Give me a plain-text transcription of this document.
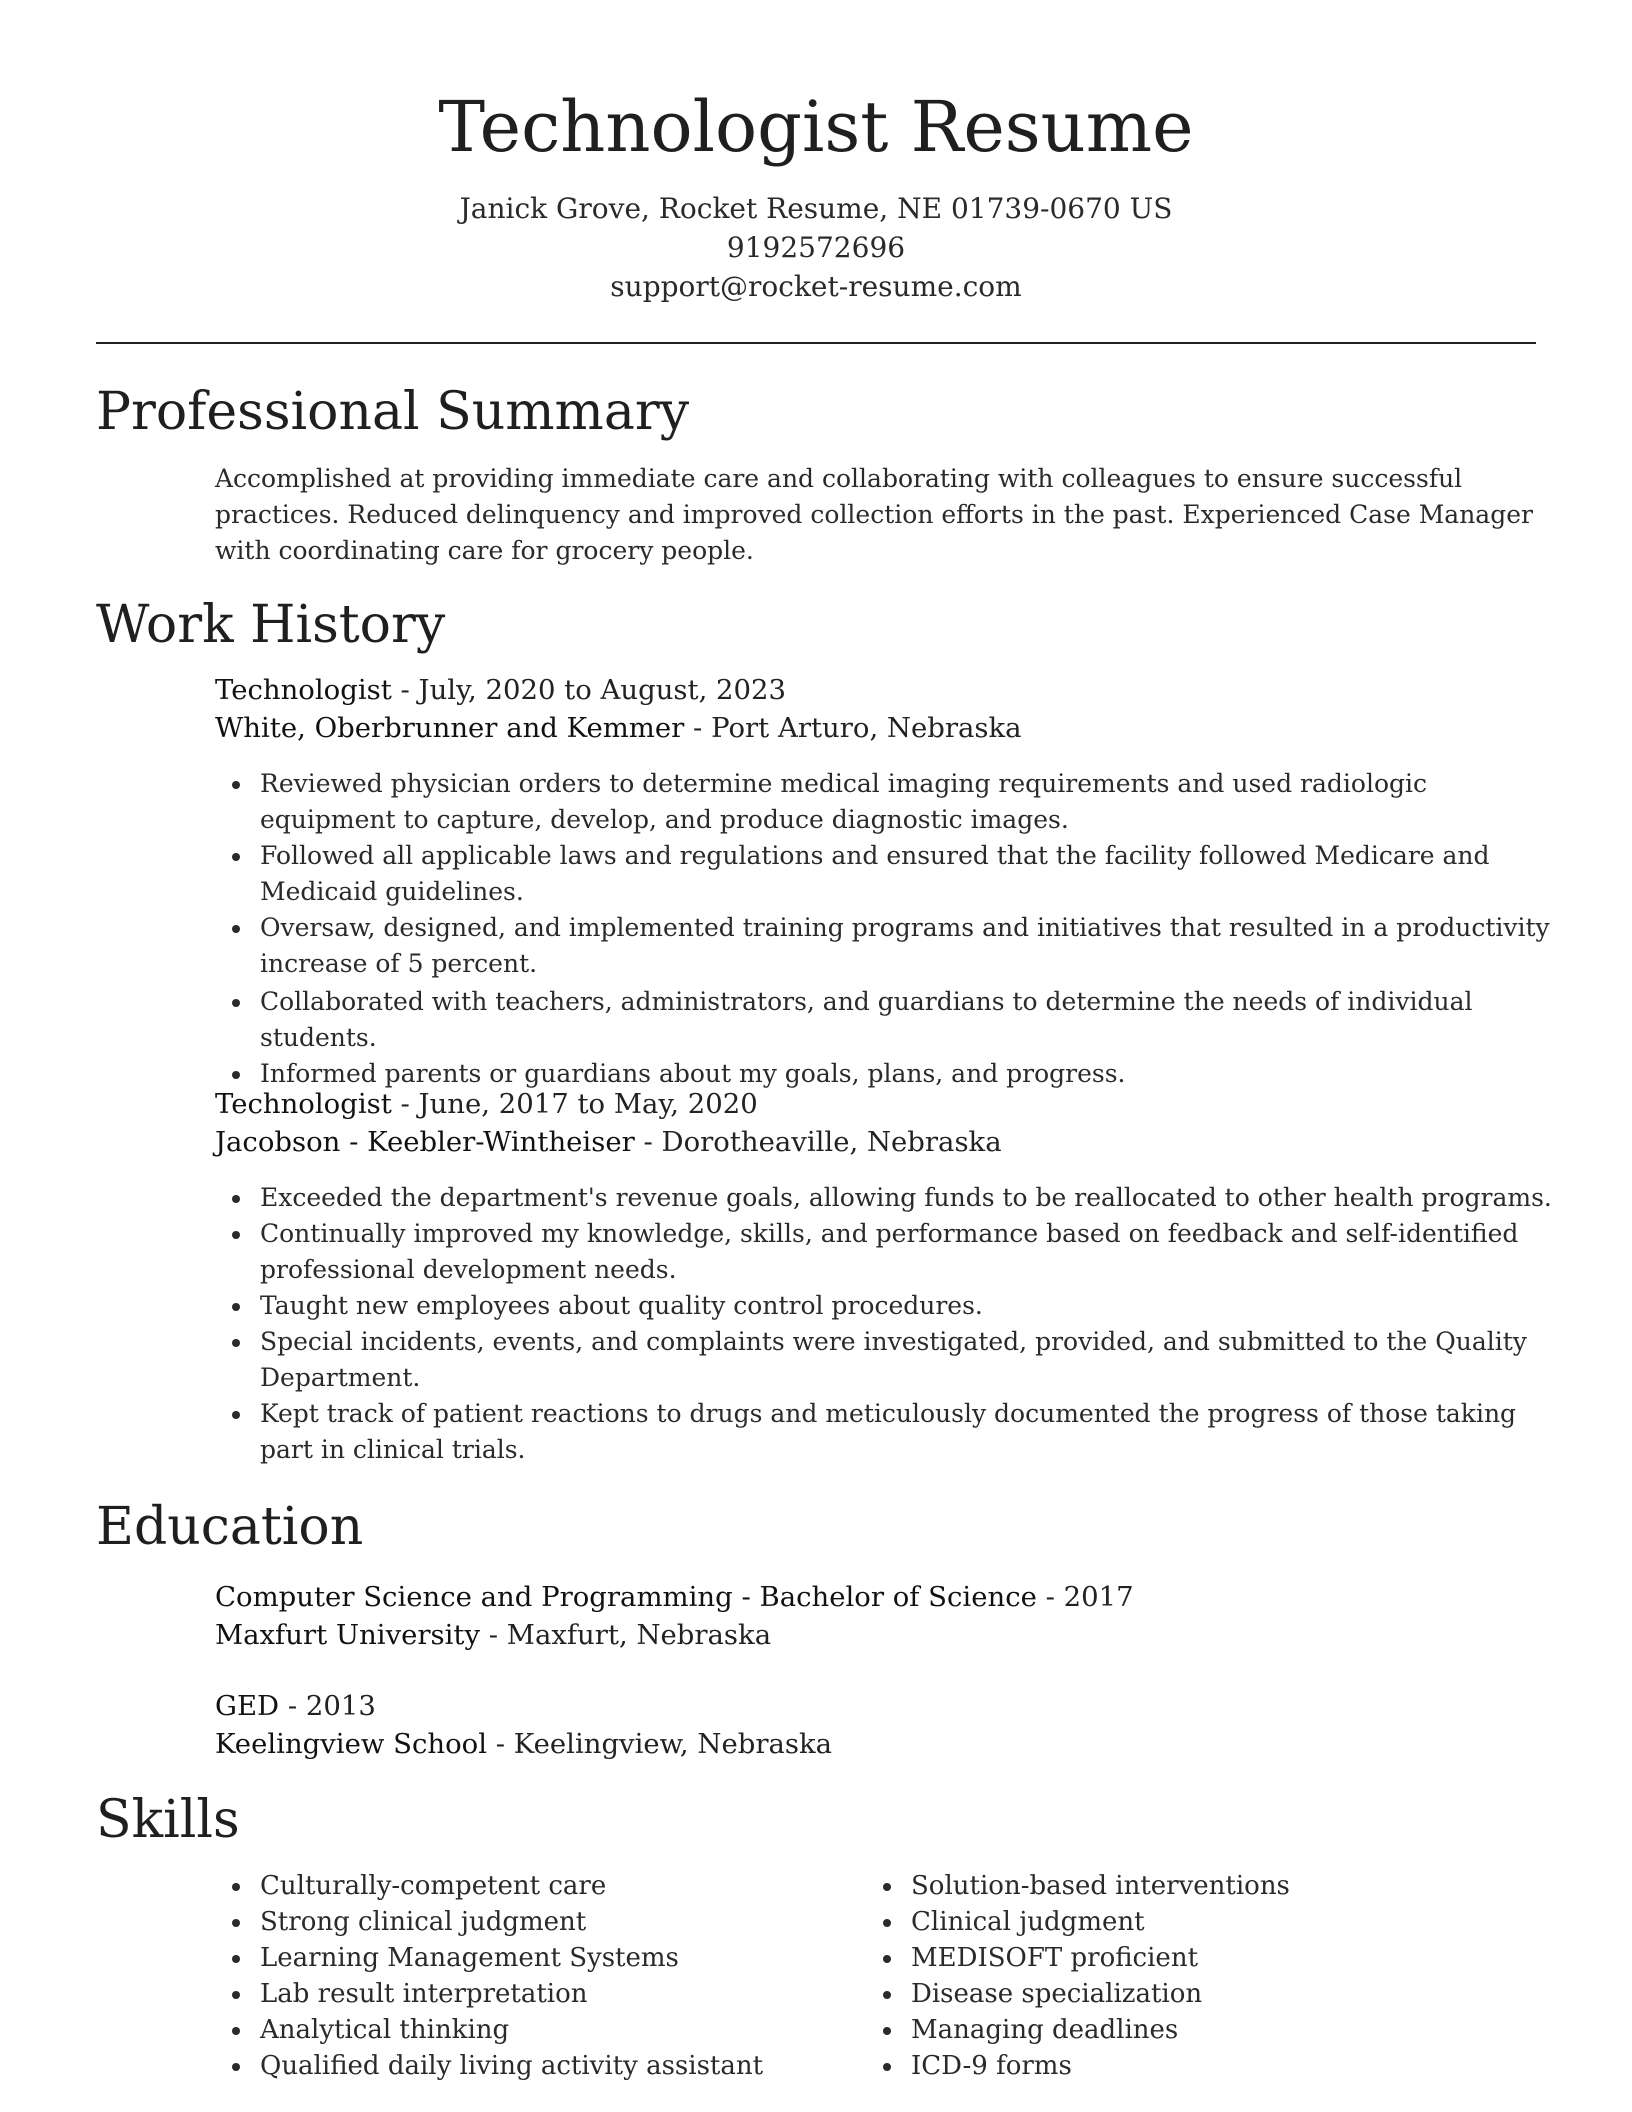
Technologist Resume
Janick Grove, Rocket Resume, NE 01739-0670 US
9192572696
support@rocket-resume.com
Professional Summary

Accomplished at providing immediate care and collaborating with colleagues to ensure successful practices. Reduced delinquency and improved collection efforts in the past. Experienced Case Manager with coordinating care for grocery people.

Work History
Technologist - July, 2020 to August, 2023
White, Oberbrunner and Kemmer - Port Arturo, Nebraska
Reviewed physician orders to determine medical imaging requirements and used radiologic equipment to capture, develop, and produce diagnostic images.
Followed all applicable laws and regulations and ensured that the facility followed Medicare and Medicaid guidelines.
Oversaw, designed, and implemented training programs and initiatives that resulted in a productivity increase of 5 percent.
Collaborated with teachers, administrators, and guardians to determine the needs of individual students.
Informed parents or guardians about my goals, plans, and progress.
Technologist - June, 2017 to May, 2020
Jacobson - Keebler-Wintheiser - Dorotheaville, Nebraska
Exceeded the department's revenue goals, allowing funds to be reallocated to other health programs.
Continually improved my knowledge, skills, and performance based on feedback and self-identified professional development needs.
Taught new employees about quality control procedures.
Special incidents, events, and complaints were investigated, provided, and submitted to the Quality Department.
Kept track of patient reactions to drugs and meticulously documented the progress of those taking part in clinical trials.
Education
Computer Science and Programming - Bachelor of Science - 2017
Maxfurt University - Maxfurt, Nebraska
GED - 2013
Keelingview School - Keelingview, Nebraska
Skills
Culturally-competent care
Strong clinical judgment
Learning Management Systems
Lab result interpretation
Analytical thinking
Qualified daily living activity assistant
Solution-based interventions
Clinical judgment
MEDISOFT proficient
Disease specialization
Managing deadlines
ICD-9 forms
